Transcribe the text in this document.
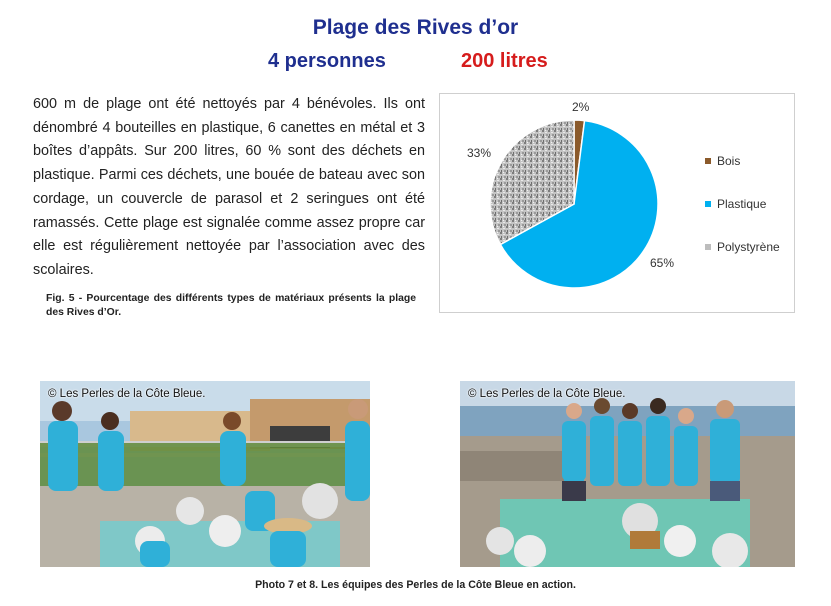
Plage des Rives d’or
4 personnes	200 litres
600 m de plage ont été nettoyés par 4 bénévoles. Ils ont dénombré 4 bouteilles en plastique, 6 canettes en métal et 3 boîtes d’appâts. Sur 200 litres, 60 % sont des déchets en plastique. Parmi ces déchets, une bouée de bateau avec son cordage, un couvercle de parasol et 2 seringues ont été ramassés. Cette plage est signalée comme assez propre car elle est régulièrement nettoyée par l’association avec des scolaires.
Fig. 5 - Pourcentage des différents types de matériaux présents la plage des Rives d’Or.
2%
65%
33%
Bois
Plastique
Polystyrène
© Les Perles de la Côte Bleue.	© Les Perles de la Côte Bleue.
Photo 7 et 8. Les équipes des Perles de la Côte Bleue en action.
